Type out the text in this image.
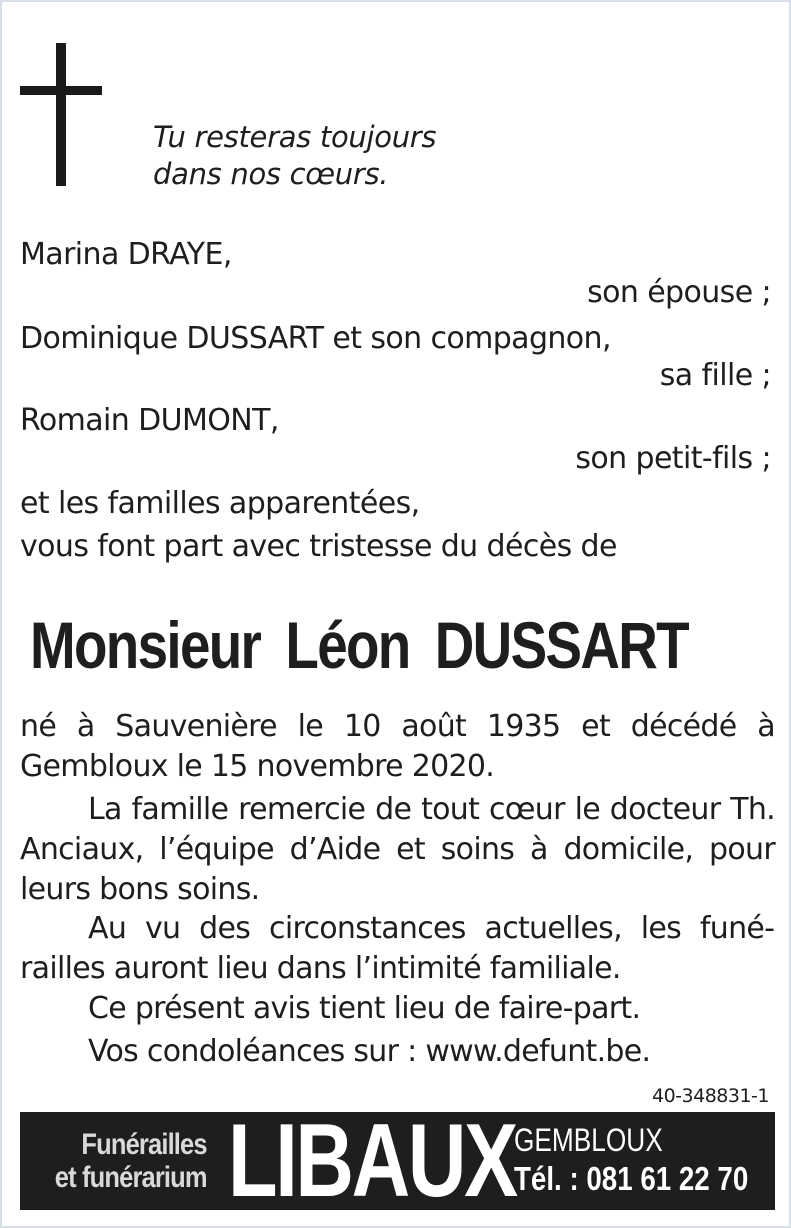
Tu resteras toujours
dans nos cœurs.
Marina DRAYE,
son épouse ;
Dominique DUSSART et son compagnon,
sa fille ;
Romain DUMONT,
son petit-fils ;
et les familles apparentées,
vous font part avec tristesse du décès de
Monsieur Léon DUSSART
né à Sauvenière le 10 août 1935 et décédé à Gembloux le 15 novembre 2020.
La famille remercie de tout cœur le docteur Th. Anciaux, l’équipe d’Aide et soins à domicile, pour leurs bons soins.
Au vu des circonstances actuelles, les funérailles auront lieu dans l’intimité familiale.
Ce présent avis tient lieu de faire-part.
Vos condoléances sur : www.defunt.be.
40-348831-1
Funérailles
et funérarium LIBAUX
GEMBLOUX
Tél. : 081 61 22 70
